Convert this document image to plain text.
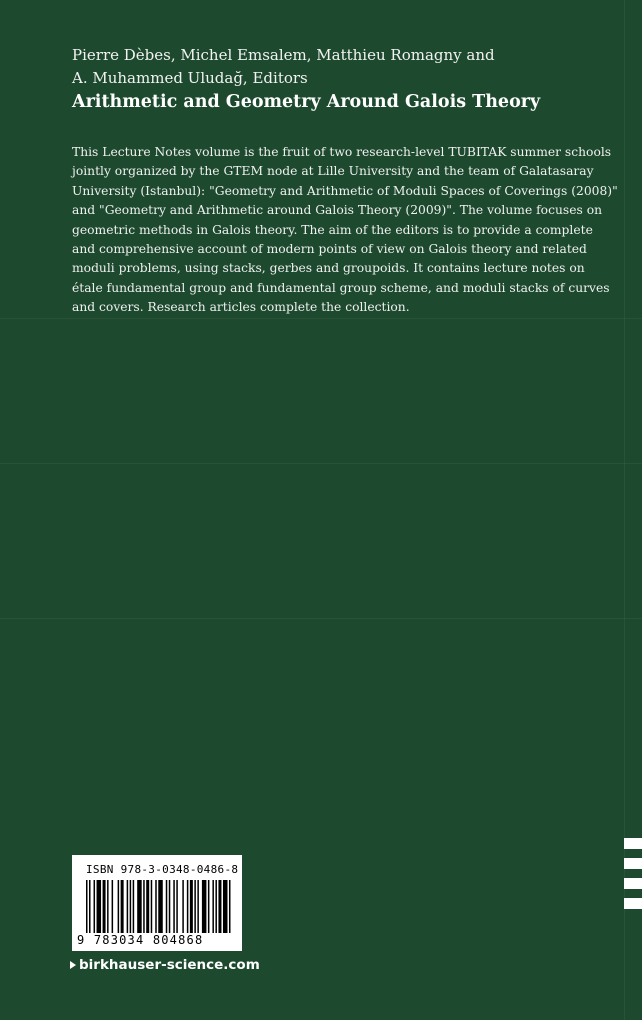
Pierre Dèbes, Michel Emsalem, Matthieu Romagny and
A. Muhammed Uludağ, Editors
Arithmetic and Geometry Around Galois Theory
This Lecture Notes volume is the fruit of two research-level TUBITAK summer schools
jointly organized by the GTEM node at Lille University and the team of Galatasaray
University (Istanbul): "Geometry and Arithmetic of Moduli Spaces of Coverings (2008)"
and "Geometry and Arithmetic around Galois Theory (2009)". The volume focuses on
geometric methods in Galois theory. The aim of the editors is to provide a complete
and comprehensive account of modern points of view on Galois theory and related
moduli problems, using stacks, gerbes and groupoids. It contains lecture notes on
étale fundamental group and fundamental group scheme, and moduli stacks of curves
and covers. Research articles complete the collection.
ISBN 978-3-0348-0486-8
9 783034 804868
birkhauser-science.com
